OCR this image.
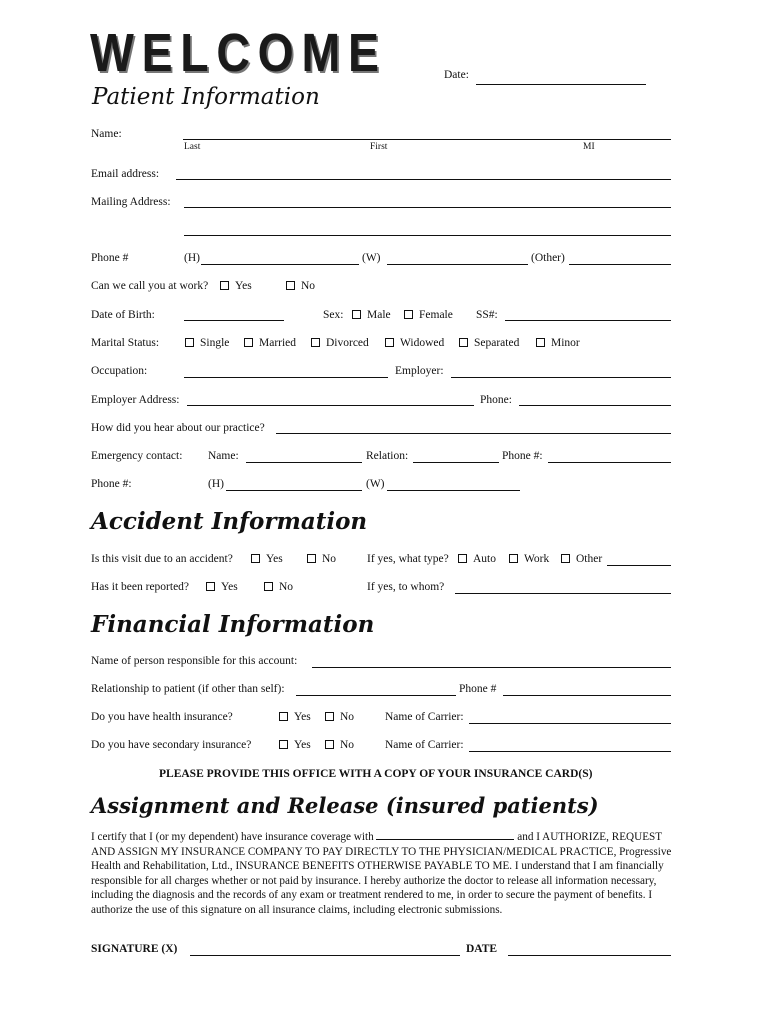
WELCOME
Patient Information
Date:
Name:
Last	First	MI
Email address:
Mailing Address:
Phone #	(H)	(W)	(Other)
Can we call you at work?	Yes	No
Date of Birth:	Sex:	Male	Female SS#:
Marital Status:	Single	Married	Divorced	Widowed	Separated	Minor
Occupation:	Employer:
Employer Address:	Phone:
How did you hear about our practice?
Emergency contact: Name:	Relation:	Phone #:
Phone #:	(H)	(W)
Accident Information
Is this visit due to an accident?	Yes	No	If yes, what type?	Auto	Work	Other
Has it been reported?	Yes	No	If yes, to whom?
Financial Information
Name of person responsible for this account:
Relationship to patient (if other than self):	Phone #
Do you have health insurance?	Yes	No	Name of Carrier:
Do you have secondary insurance?	Yes	No	Name of Carrier:
PLEASE PROVIDE THIS OFFICE WITH A COPY OF YOUR INSURANCE CARD(S)
Assignment and Release (insured patients)
I certify that I (or my dependent) have insurance coverage with	and I AUTHORIZE, REQUEST AND ASSIGN MY INSURANCE COMPANY TO PAY DIRECTLY TO THE PHYSICIAN/MEDICAL PRACTICE, Progressive Health and Rehabilitation, Ltd., INSURANCE BENEFITS OTHERWISE PAYABLE TO ME. I understand that I am financially responsible for all charges whether or not paid by insurance. I hereby authorize the doctor to release all information necessary, including the diagnosis and the records of any exam or treatment rendered to me, in order to secure the payment of benefits. I authorize the use of this signature on all insurance claims, including electronic submissions.
SIGNATURE (X)	DATE
